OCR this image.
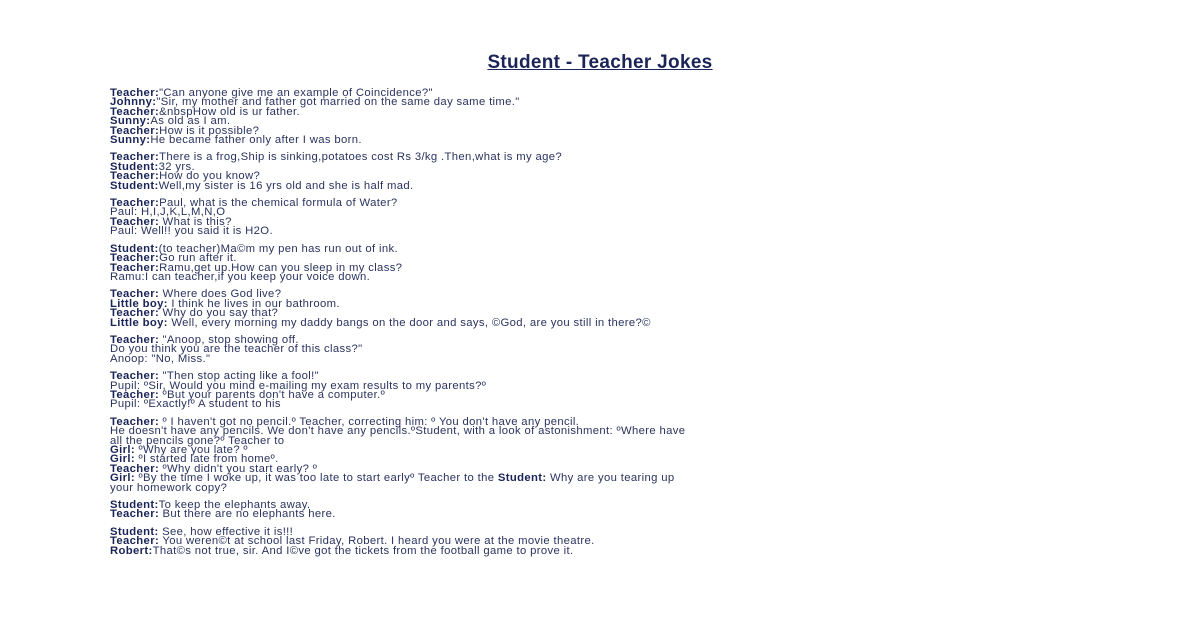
Student - Teacher Jokes
Teacher:"Can anyone give me an example of Coincidence?"
Johnny:"Sir, my mother and father got married on the same day same time."
Teacher:&nbspHow old is ur father.
Sunny:As old as I am.
Teacher:How is it possible?
Sunny:He became father only after I was born.
Teacher:There is a frog,Ship is sinking,potatoes cost Rs 3/kg .Then,what is my age?
Student:32 yrs.
Teacher:How do you know?
Student:Well,my sister is 16 yrs old and she is half mad.
Teacher:Paul, what is the chemical formula of Water?
Paul: H,I,J,K,L,M,N,O
Teacher: What is this?
Paul: Well!! you said it is H2O.
Student:(to teacher)Ma©m my pen has run out of ink.
Teacher:Go run after it.
Teacher:Ramu,get up.How can you sleep in my class?
Ramu:I can teacher,if you keep your voice down.
Teacher: Where does God live?
Little boy: I think he lives in our bathroom.
Teacher: Why do you say that?
Little boy: Well, every morning my daddy bangs on the door and says, ©God, are you still in there?©
Teacher: "Anoop, stop showing off.
Do you think you are the teacher of this class?"
Anoop: "No, Miss."
Teacher: "Then stop acting like a fool!"
Pupil: ºSir, Would you mind e-mailing my exam results to my parents?º
Teacher: ºBut your parents don't have a computer.º
Pupil: ºExactly!º A student to his
Teacher: º I haven't got no pencil.º Teacher, correcting him: º You don't have any pencil.
He doesn't have any pencils. We don't have any pencils.ºStudent, with a look of astonishment: ºWhere have
all the pencils gone?º Teacher to
Girl: ºWhy are you late? º
Girl: ºI started late from homeº.
Teacher: ºWhy didn't you start early? º
Girl: ºBy the time I woke up, it was too late to start earlyº Teacher to the Student: Why are you tearing up
your homework copy?
Student:To keep the elephants away.
Teacher: But there are no elephants here.
Student: See, how effective it is!!!
Teacher: You weren©t at school last Friday, Robert. I heard you were at the movie theatre.
Robert:That©s not true, sir. And I©ve got the tickets from the football game to prove it.
